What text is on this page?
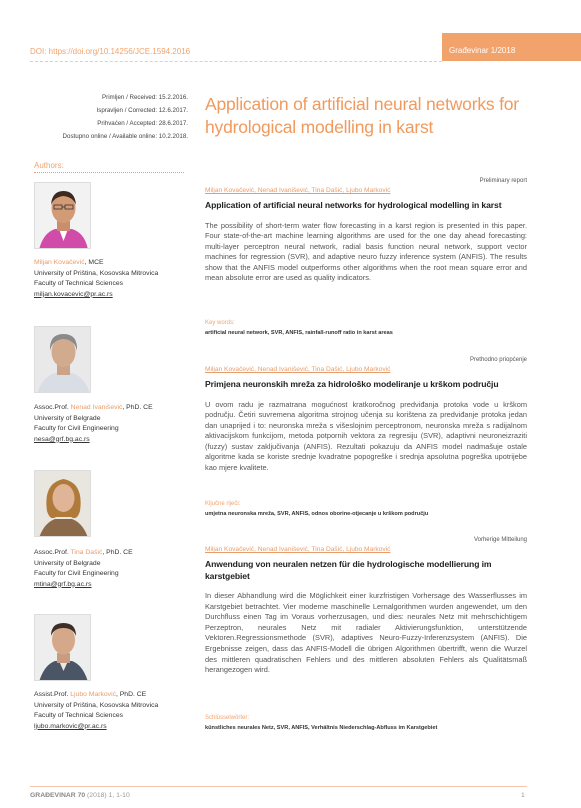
DOI: https://doi.org/10.14256/JCE.1594.2016	Građevinar 1/2018
Primljen / Received: 15.2.2016.
Ispravljen / Corrected: 12.6.2017.
Prihvaćen / Accepted: 28.6.2017.
Dostupno online / Available online: 10.2.2018.
Application of artificial neural networks for hydrological modelling in karst
Authors:
Miljan Kovačević, MCE
University of Priština, Kosovska Mitrovica
Faculty of Technical Sciences
miljan.kovacevic@pr.ac.rs
Assoc.Prof. Nenad Ivanišević, PhD. CE
University of Belgrade
Faculty for Civil Engineering
nesa@grf.bg.ac.rs
Assoc.Prof. Tina Dašić, PhD. CE
University of Belgrade
Faculty for Civil Engineering
mtina@grf.bg.ac.rs
Assist.Prof. Ljubo Marković, PhD. CE
University of Priština, Kosovska Mitrovica
Faculty of Technical Sciences
ljubo.markovic@pr.ac.rs
Preliminary report
Miljan Kovačević, Nenad Ivanišević, Tina Dašić, Ljubo Marković
Application of artificial neural networks for hydrological modelling in karst
The possibility of short-term water flow forecasting in a karst region is presented in this paper. Four state-of-the-art machine learning algorithms are used for the one day ahead forecasting: multi-layer perceptron neural network, radial basis function neural network, support vector machines for regression (SVR), and adaptive neuro fuzzy inference system (ANFIS). The results show that the ANFIS model outperforms other algorithms when the root mean square error and mean absolute error are used as quality indicators.
Key words:
artificial neural network, SVR, ANFIS, rainfall-runoff ratio in karst areas
Prethodno priopćenje
Miljan Kovačević, Nenad Ivanišević, Tina Dašić, Ljubo Marković
Primjena neuronskih mreža za hidrološko modeliranje u krškom području
U ovom radu je razmatrana mogućnost kratkoročnog predviđanja protoka vode u krškom području. Četiri suvremena algoritma strojnog učenja su korištena za predviđanje protoka jedan dan unaprijed i to: neuronska mreža s višeslojnim perceptronom, neuronska mreža s radijalnom aktivacijskom funkcijom, metoda potpornih vektora za regresiju (SVR), adaptivni neuroneizraziti (fuzzy) sustav zaključivanja (ANFIS). Rezultati pokazuju da ANFIS model nadmašuje ostale algoritme kada se koriste srednje kvadratne popogreške i srednja apsolutna pogreška upotrijebe kao mjere kvalitete.
Ključne riječi:
umjetna neuronska mreža, SVR, ANFIS, odnos oborine-otjecanje u krškom području
Vorherige Mitteilung
Miljan Kovačević, Nenad Ivanišević, Tina Dašić, Ljubo Marković
Anwendung von neuralen netzen für die hydrologische modellierung im karstgebiet
In dieser Abhandlung wird die Möglichkeit einer kurzfristigen Vorhersage des Wasserflusses im Karstgebiet betrachtet. Vier moderne maschinelle Lernalgorithmen wurden angewendet, um den Durchfluss einen Tag im Voraus vorherzusagen, und dies: neurales Netz mit mehrschichtigem Perzeptron, neurales Netz mit radialer Aktivierungsfunktion, unterstützende Vektoren.Regressionsmethode (SVR), adaptives Neuro-Fuzzy-Inferenzsystem (ANFIS). Die Ergebnisse zeigen, dass das ANFIS-Modell die übrigen Algorithmen übertrifft, wenn die Wurzel des mittleren quadratischen Fehlers und des mittleren absoluten Fehlers als Qualitätsmaß herangezogen wird.
Schlüsselwörter:
künstliches neurales Netz, SVR, ANFIS, Verhältnis Niederschlag-Abfluss im Karstgebiet
GRAĐEVINAR 70 (2018) 1, 1-10	1
